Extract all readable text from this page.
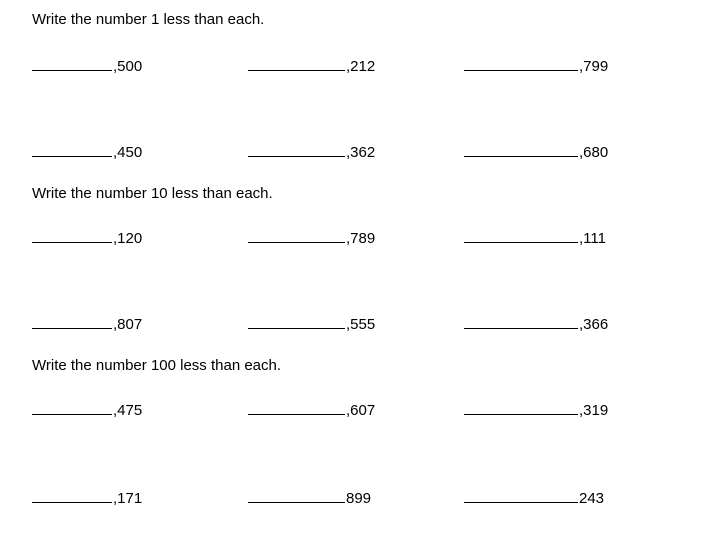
Write the number 1 less than each.
,500	,212	,799
,450	,362	,680
Write the number 10 less than each.
,120	,789	,111
,807	,555	,366
Write the number 100 less than each.
,475	,607	,319
,171	899	243
